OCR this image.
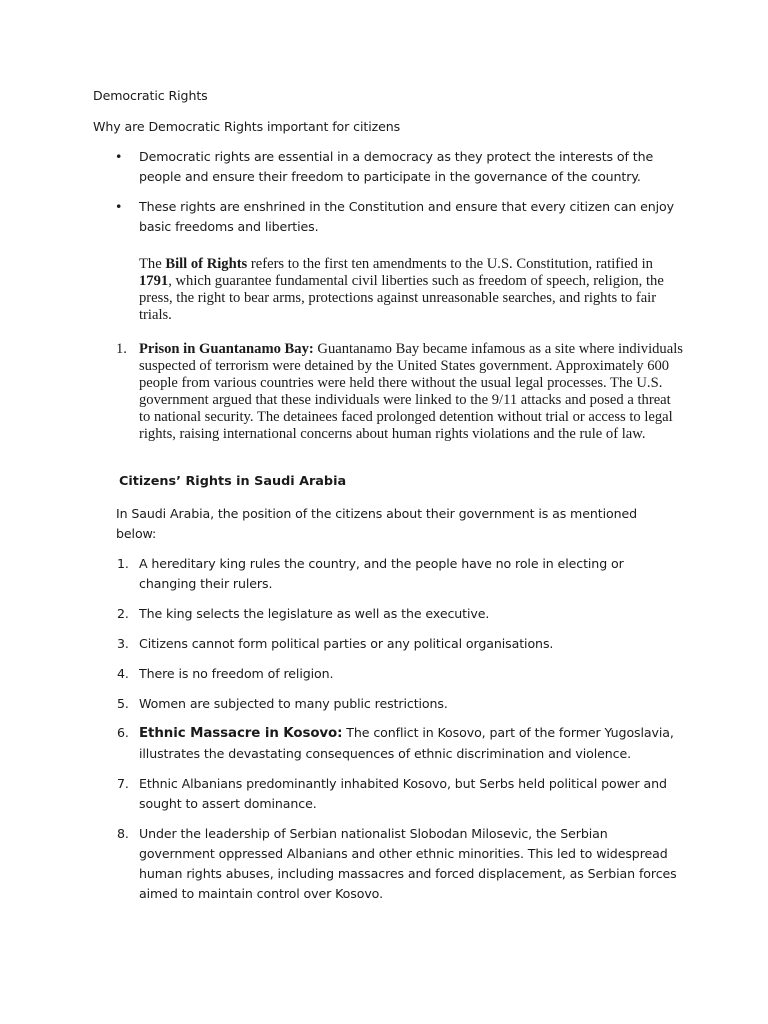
Democratic Rights
Why are Democratic Rights important for citizens
•	Democratic rights are essential in a democracy as they protect the interests of the people and ensure their freedom to participate in the governance of the country.
•	These rights are enshrined in the Constitution and ensure that every citizen can enjoy basic freedoms and liberties.
The Bill of Rights refers to the first ten amendments to the U.S. Constitution, ratified in 1791, which guarantee fundamental civil liberties such as freedom of speech, religion, the press, the right to bear arms, protections against unreasonable searches, and rights to fair trials.
1. Prison in Guantanamo Bay: Guantanamo Bay became infamous as a site where individuals suspected of terrorism were detained by the United States government. Approximately 600 people from various countries were held there without the usual legal processes. The U.S. government argued that these individuals were linked to the 9/11 attacks and posed a threat to national security. The detainees faced prolonged detention without trial or access to legal rights, raising international concerns about human rights violations and the rule of law.
Citizens’ Rights in Saudi Arabia
In Saudi Arabia, the position of the citizens about their government is as mentioned below:
1. A hereditary king rules the country, and the people have no role in electing or changing their rulers.
2. The king selects the legislature as well as the executive.
3. Citizens cannot form political parties or any political organisations.
4. There is no freedom of religion.
5. Women are subjected to many public restrictions.
6. Ethnic Massacre in Kosovo: The conflict in Kosovo, part of the former Yugoslavia, illustrates the devastating consequences of ethnic discrimination and violence.
7. Ethnic Albanians predominantly inhabited Kosovo, but Serbs held political power and sought to assert dominance.
8. Under the leadership of Serbian nationalist Slobodan Milosevic, the Serbian government oppressed Albanians and other ethnic minorities. This led to widespread human rights abuses, including massacres and forced displacement, as Serbian forces aimed to maintain control over Kosovo.
